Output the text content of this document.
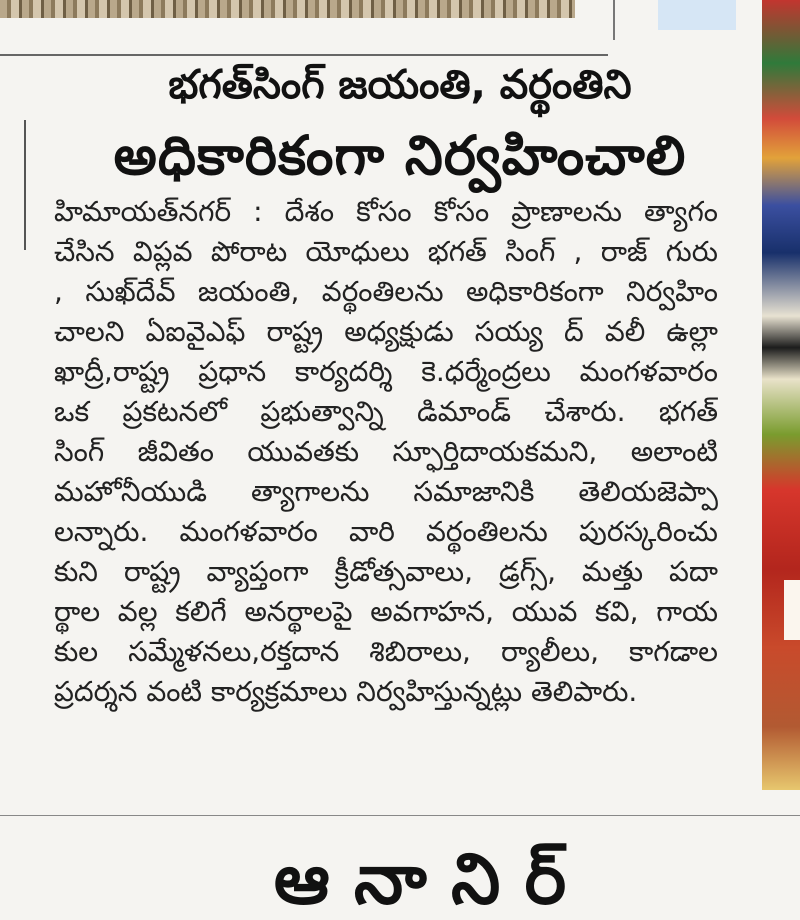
భగత్‌సింగ్ జయంతి, వర్థంతిని
అధికారికంగా నిర్వహించాలి
హిమాయత్‌నగర్ : దేశం కోసం కోసం ప్రాణాలను త్యాగం
చేసిన విప్లవ పోరాట యోధులు భగత్ సింగ్ , రాజ్ గురు
, సుఖ్‌దేవ్ జయంతి, వర్థంతిలను అధికారికంగా నిర్వహిం
చాలని ఏఐవైఎఫ్ రాష్ట్ర అధ్యక్షుడు సయ్య ద్ వలీ ఉల్లా
ఖాద్రీ,రాష్ట్ర ప్రధాన కార్యదర్శి కె.ధర్మేంద్రలు మంగళవారం
ఒక ప్రకటనలో ప్రభుత్వాన్ని డిమాండ్ చేశారు. భగత్
సింగ్ జీవితం యువతకు స్ఫూర్తిదాయకమని, అలాంటి
మహోనీయుడి త్యాగాలను సమాజానికి తెలియజెప్పా
లన్నారు. మంగళవారం వారి వర్థంతిలను పురస్కరించు
కుని రాష్ట్ర వ్యాప్తంగా క్రీడోత్సవాలు, డ్రగ్స్, మత్తు పదా
ర్థాల వల్ల కలిగే అనర్థాలపై అవగాహన, యువ కవి, గాయ
కుల సమ్మేళనలు,రక్తదాన శిబిరాలు, ర్యాలీలు, కాగడాల
ప్రదర్శన వంటి కార్యక్రమాలు నిర్వహిస్తున్నట్లు తెలిపారు.
ఆ నా ని ర్
